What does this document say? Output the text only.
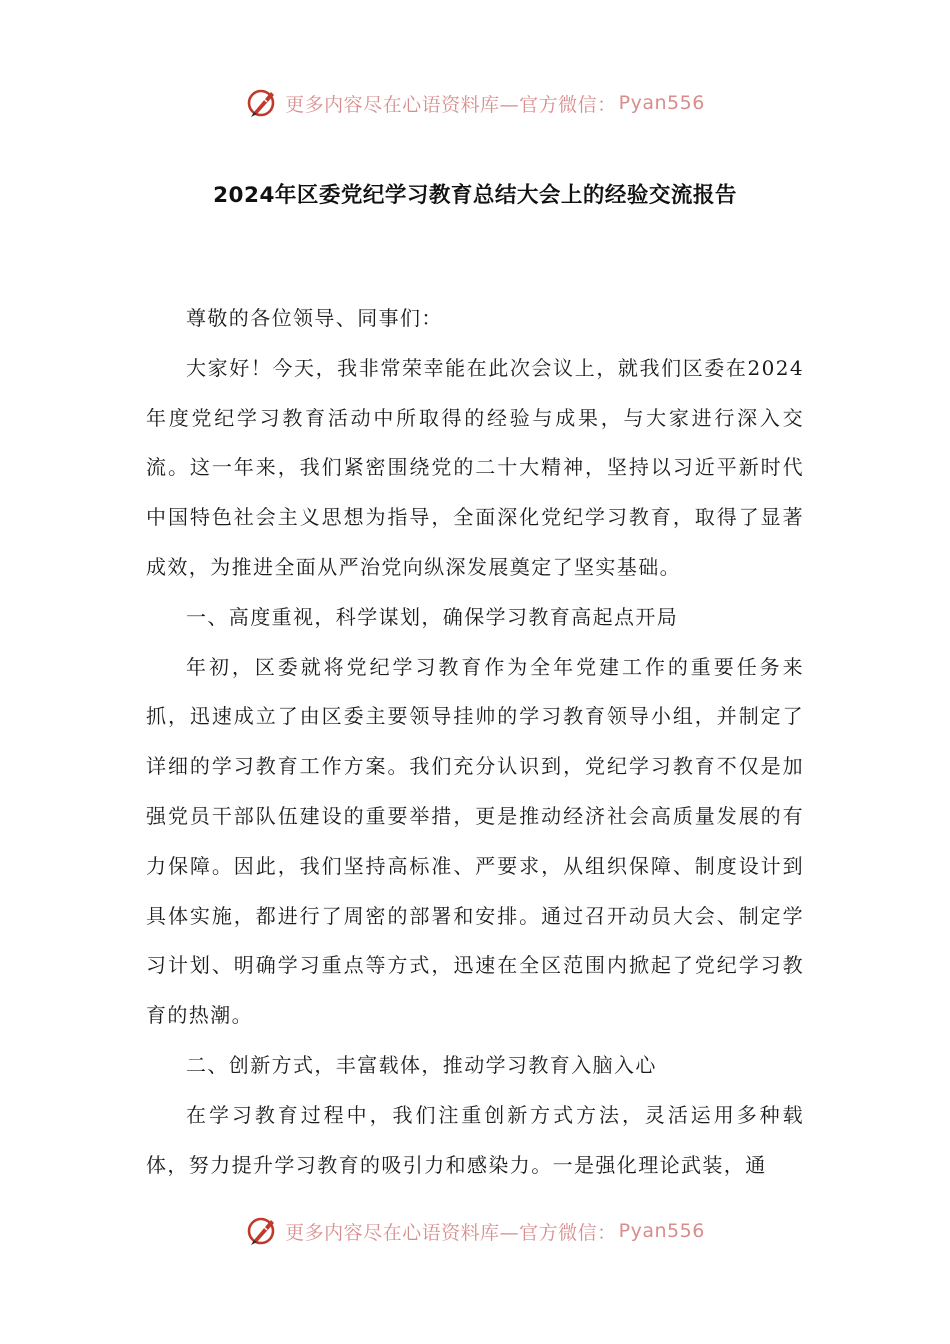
更多内容尽在心语资料库—官方微信： Pyan556
2024年区委党纪学习教育总结大会上的经验交流报告

尊敬的各位领导、同事们：

大家好！今天，我非常荣幸能在此次会议上，就我们区委在2024年度党纪学习教育活动中所取得的经验与成果，与大家进行深入交流。这一年来，我们紧密围绕党的二十大精神，坚持以习近平新时代中国特色社会主义思想为指导，全面深化党纪学习教育，取得了显著成效，为推进全面从严治党向纵深发展奠定了坚实基础。

一、高度重视，科学谋划，确保学习教育高起点开局

年初，区委就将党纪学习教育作为全年党建工作的重要任务来抓，迅速成立了由区委主要领导挂帅的学习教育领导小组，并制定了详细的学习教育工作方案。我们充分认识到，党纪学习教育不仅是加强党员干部队伍建设的重要举措，更是推动经济社会高质量发展的有力保障。因此，我们坚持高标准、严要求，从组织保障、制度设计到具体实施，都进行了周密的部署和安排。通过召开动员大会、制定学习计划、明确学习重点等方式，迅速在全区范围内掀起了党纪学习教育的热潮。

二、创新方式，丰富载体，推动学习教育入脑入心

在学习教育过程中，我们注重创新方式方法，灵活运用多种载体，努力提升学习教育的吸引力和感染力。一是强化理论武装，通

更多内容尽在心语资料库—官方微信： Pyan556
